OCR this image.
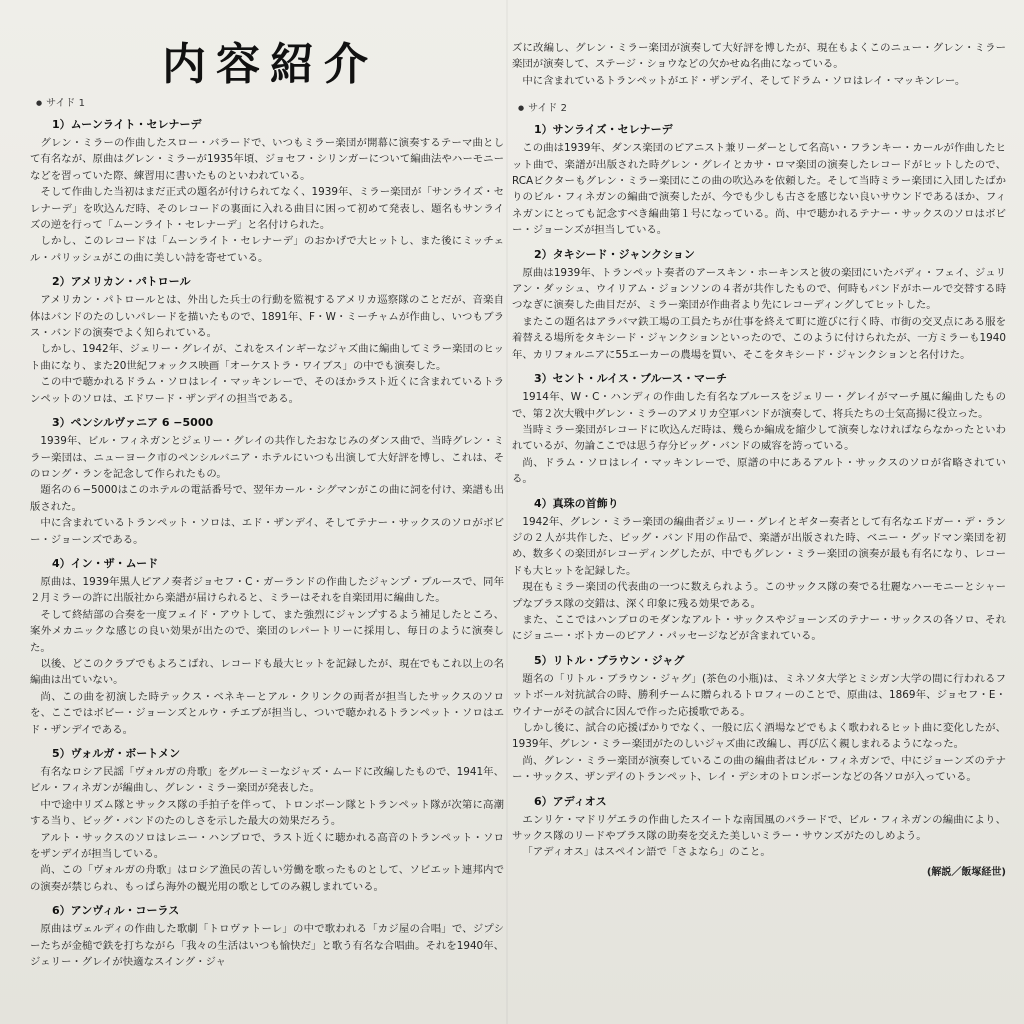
内容紹介
● サイド 1
1）ムーンライト・セレナーデ

グレン・ミラーの作曲したスロー・バラードで、いつもミラー楽団が開幕に演奏するテーマ曲として有名なが、原曲はグレン・ミラーが1935年頃、ジョセフ・シリンガーについて編曲法やハーモニーなどを習っていた際、練習用に書いたものといわれている。

そして作曲した当初はまだ正式の題名が付けられてなく、1939年、ミラー楽団が「サンライズ・セレナーデ」を吹込んだ時、そのレコードの裏面に入れる曲目に困って初めて発表し、題名もサンライズの逆を行って「ムーンライト・セレナーデ」と名付けられた。

しかし、このレコードは「ムーンライト・セレナーデ」のおかげで大ヒットし、また後にミッチェル・パリッシュがこの曲に美しい詩を寄せている。

2）アメリカン・パトロール

アメリカン・パトロールとは、外出した兵士の行動を監視するアメリカ巡察隊のことだが、音楽自体はバンドのたのしいパレードを描いたもので、1891年、F・W・ミーチャムが作曲し、いつもブラス・バンドの演奏でよく知られている。

しかし、1942年、ジェリー・グレイが、これをスインギーなジャズ曲に編曲してミラー楽団のヒット曲になり、また20世紀フォックス映画「オーケストラ・ワイブス」の中でも演奏した。

この中で聴かれるドラム・ソロはレイ・マッキンレーで、そのほかラスト近くに含まれているトランペットのソロは、エドワード・ザンデイの担当である。

3）ペンシルヴァニア 6 −5000

1939年、ビル・フィネガンとジェリー・グレイの共作したおなじみのダンス曲で、当時グレン・ミラー楽団は、ニューヨーク市のペンシルバニア・ホテルにいつも出演して大好評を博し、これは、そのロング・ランを記念して作られたもの。

題名の６−5000はこのホテルの電話番号で、翌年カール・シグマンがこの曲に詞を付け、楽譜も出版された。

中に含まれているトランペット・ソロは、エド・ザンデイ、そしてテナー・サックスのソロがボビー・ジョーンズである。

4）イン・ザ・ムード

原曲は、1939年黒人ピアノ奏者ジョセフ・C・ガーランドの作曲したジャンプ・ブルースで、同年２月ミラーの許に出版社から楽譜が届けられると、ミラーはそれを自楽団用に編曲した。

そして終結部の合奏を一度フェイド・アウトして、また強烈にジャンプするよう補足したところ、案外メカニックな感じの良い効果が出たので、楽団のレパートリーに採用し、毎日のように演奏した。

以後、どこのクラブでもよろこばれ、レコードも最大ヒットを記録したが、現在でもこれ以上の名編曲は出ていない。

尚、この曲を初演した時テックス・ベネキーとアル・クリンクの両者が担当したサックスのソロを、ここではボビー・ジョーンズとルウ・チエブが担当し、ついで聴かれるトランペット・ソロはエド・ザンデイである。

5）ヴォルガ・ボートメン

有名なロシア民謡「ヴォルガの舟歌」をグルーミーなジャズ・ムードに改編したもので、1941年、ビル・フィネガンが編曲し、グレン・ミラー楽団が発表した。

中で途中リズム隊とサックス隊の手拍子を伴って、トロンボーン隊とトランペット隊が次第に高潮する当り、ビッグ・バンドのたのしさを示した最大の効果だろう。

アルト・サックスのソロはレニー・ハンブロで、ラスト近くに聴かれる高音のトランペット・ソロをザンデイが担当している。

尚、この「ヴォルガの舟歌」はロシア漁民の苦しい労働を歌ったものとして、ソビエット連邦内での演奏が禁じられ、もっぱら海外の観光用の歌としてのみ親しまれている。

6）アンヴィル・コーラス

原曲はヴェルディの作曲した歌劇「トロヴァトーレ」の中で歌われる「カジ屋の合唱」で、ジプシーたちが金槌で鉄を打ちながら「我々の生活はいつも愉快だ」と歌う有名な合唱曲。それを1940年、ジェリー・グレイが快適なスイング・ジャ

ズに改編し、グレン・ミラー楽団が演奏して大好評を博したが、現在もよくこのニュー・グレン・ミラー楽団が演奏して、ステージ・ショウなどの欠かせぬ名曲になっている。

中に含まれているトランペットがエド・ザンデイ、そしてドラム・ソロはレイ・マッキンレー。

● サイド 2
1）サンライズ・セレナーデ

この曲は1939年、ダンス楽団のピアニスト兼リーダーとして名高い・フランキー・カールが作曲したヒット曲で、楽譜が出版された時グレン・グレイとカサ・ロマ楽団の演奏したレコードがヒットしたので、RCAビクターもグレン・ミラー楽団にこの曲の吹込みを依頼した。そして当時ミラー楽団に入団したばかりのビル・フィネガンの編曲で演奏したが、今でも少しも古さを感じない良いサウンドであるほか、フィネガンにとっても記念すべき編曲第１号になっている。尚、中で聴かれるテナー・サックスのソロはボビー・ジョーンズが担当している。

2）タキシード・ジャンクション

原曲は1939年、トランペット奏者のアースキン・ホーキンスと彼の楽団にいたバディ・フェイ、ジュリアン・ダッシュ、ウイリアム・ジョンソンの４者が共作したもので、何時もバンドがホールで交替する時つなぎに演奏した曲目だが、ミラー楽団が作曲者より先にレコーディングしてヒットした。

またこの題名はアラバマ鉄工場の工員たちが仕事を終えて町に遊びに行く時、市街の交叉点にある服を着替える場所をタキシード・ジャンクションといったので、このように付けられたが、一方ミラーも1940年、カリフォルニアに55エーカーの農場を買い、そこをタキシード・ジャンクションと名付けた。

3）セント・ルイス・ブルース・マーチ

1914年、W・C・ハンディの作曲した有名なブルースをジェリー・グレイがマーチ風に編曲したもので、第２次大戦中グレン・ミラーのアメリカ空軍バンドが演奏して、将兵たちの士気高揚に役立った。

当時ミラー楽団がレコードに吹込んだ時は、幾らか編成を縮少して演奏しなければならなかったといわれているが、勿論ここでは思う存分ビッグ・バンドの威容を誇っている。

尚、ドラム・ソロはレイ・マッキンレーで、原譜の中にあるアルト・サックスのソロが省略されている。

4）真珠の首飾り

1942年、グレン・ミラー楽団の編曲者ジェリー・グレイとギター奏者として有名なエドガー・デ・ランジの２人が共作した、ビッグ・バンド用の作品で、楽譜が出版された時、ベニー・グッドマン楽団を初め、数多くの楽団がレコーディングしたが、中でもグレン・ミラー楽団の演奏が最も有名になり、レコードも大ヒットを記録した。

現在もミラー楽団の代表曲の一つに数えられよう。このサックス隊の奏でる壮麗なハーモニーとシャープなブラス隊の交錯は、深く印象に残る効果である。

また、ここではハンブロのモダンなアルト・サックスやジョーンズのテナー・サックスの各ソロ、それにジョニー・ボトカーのピアノ・パッセージなどが含まれている。

5）リトル・ブラウン・ジャグ

題名の「リトル・ブラウン・ジャグ」(茶色の小瓶)は、ミネソタ大学とミシガン大学の間に行われるフットボール対抗試合の時、勝利チームに贈られるトロフィーのことで、原曲は、1869年、ジョセフ・E・ウイナーがその試合に因んで作った応援歌である。

しかし後に、試合の応援ばかりでなく、一般に広く酒場などでもよく歌われるヒット曲に変化したが、1939年、グレン・ミラー楽団がたのしいジャズ曲に改編し、再び広く親しまれるようになった。

尚、グレン・ミラー楽団が演奏しているこの曲の編曲者はビル・フィネガンで、中にジョーンズのテナー・サックス、ザンデイのトランペット、レイ・デシオのトロンボーンなどの各ソロが入っている。

6）アディオス

エンリケ・マドリゲエラの作曲したスイートな南国風のバラードで、ビル・フィネガンの編曲により、サックス隊のリードやブラス隊の助奏を交えた美しいミラー・サウンズがたのしめよう。

「アディオス」はスペイン語で「さよなら」のこと。

(解説／飯塚経世)
